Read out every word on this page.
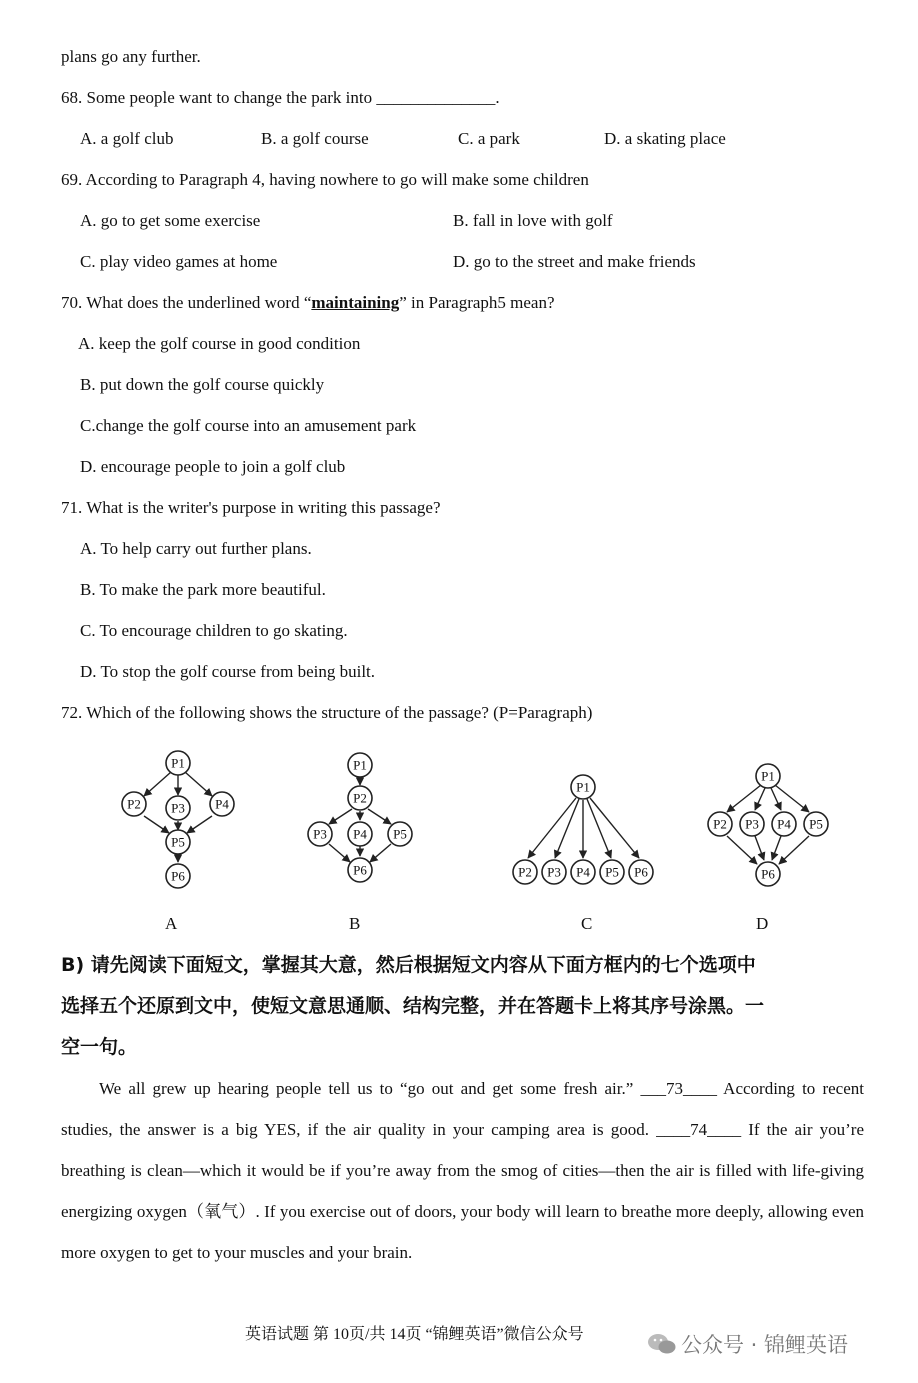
plans go any further.
68. Some people want to change the park into ______________.
A. a golf club	B. a golf course	C. a park	D. a skating place
69. According to Paragraph 4, having nowhere to go will make some children
A. go to get some exercise	B. fall in love with golf
C. play video games at home	D. go to the street and make friends
70. What does the underlined word “maintaining” in Paragraph5 mean?
A. keep the golf course in good condition
B. put down the golf course quickly
C.change the golf course into an amusement park
D. encourage people to join a golf club
71. What is the writer's purpose in writing this passage?
A. To help carry out further plans.
B. To make the park more beautiful.
C. To encourage children to go skating.
D. To stop the golf course from being built.
72. Which of the following shows the structure of the passage? (P=Paragraph)
P1
P2 P3 P4
P5
P6
P1
P2
P3 P4 P5
P6
P1
P2 P3 P4 P5 P6
P1
P2 P3 P4 P5
P6
A	B	C	D
B) 请先阅读下面短文，掌握其大意，然后根据短文内容从下面方框内的七个选项中
选择五个还原到文中，使短文意思通顺、结构完整，并在答题卡上将其序号涂黑。一
空一句。
We all grew up hearing people tell us to “go out and get some fresh air.” ___73____ According to recent studies, the answer is a big YES, if the air quality in your camping area is good. ____74____ If the air you’re breathing is clean—which it would be if you’re away from the smog of cities—then the air is filled with life-giving energizing oxygen（氧气）. If you exercise out of doors, your body will learn to breathe more deeply, allowing even more oxygen to get to your muscles and your brain.
英语试题 第 10页/共 14页 “锦鲤英语”微信公众号	公众号 · 锦鲤英语
